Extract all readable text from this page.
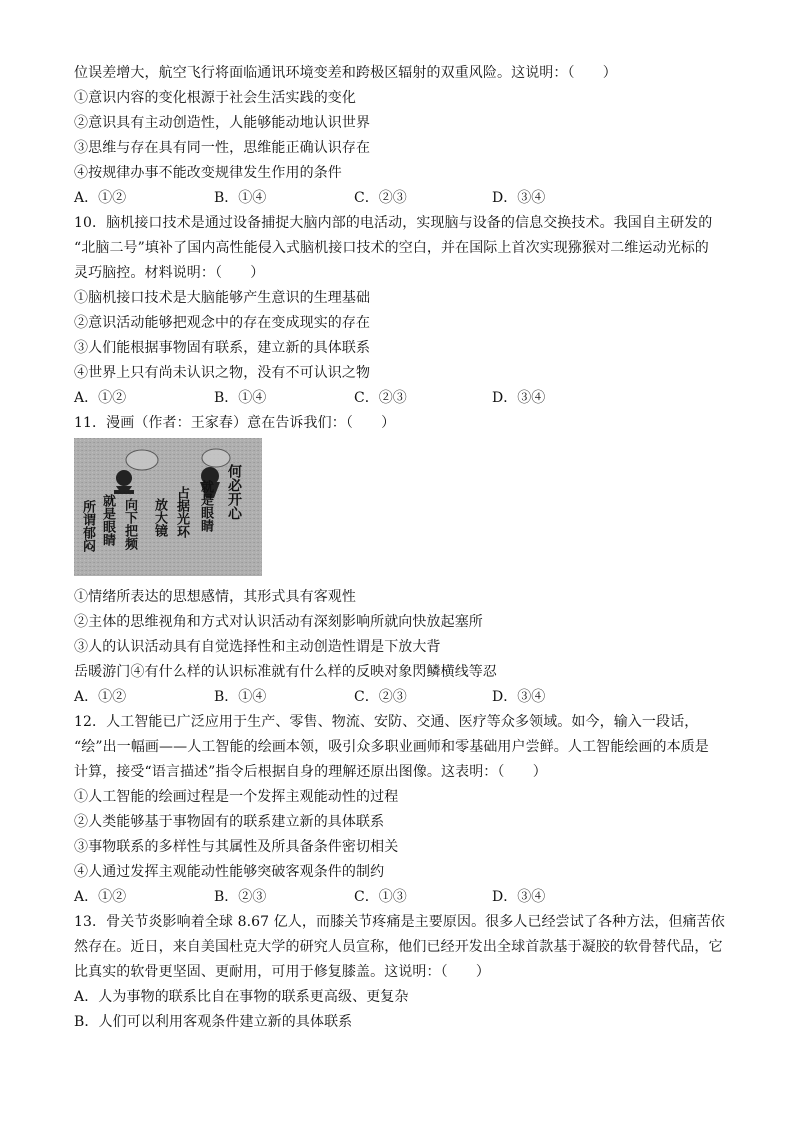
位误差增大，航空飞行将面临通讯环境变差和跨极区辐射的双重风险。这说明：（　　）
①意识内容的变化根源于社会生活实践的变化
②意识具有主动创造性，人能够能动地认识世界
③思维与存在具有同一性，思维能正确认识存在
④按规律办事不能改变规律发生作用的条件
A．①②	B．①④	C．②③	D．③④
10．脑机接口技术是通过设备捕捉大脑内部的电活动，实现脑与设备的信息交换技术。我国自主研发的
“北脑二号”填补了国内高性能侵入式脑机接口技术的空白，并在国际上首次实现猕猴对二维运动光标的
灵巧脑控。材料说明：（　　）
①脑机接口技术是大脑能够产生意识的生理基础
②意识活动能够把观念中的存在变成现实的存在
③人们能根据事物固有联系，建立新的具体联系
④世界上只有尚未认识之物，没有不可认识之物
A．①②	B．①④	C．②③	D．③④
11．漫画（作者：王家春）意在告诉我们：（　　）
所谓郁闷 就是眼睛 向下把频 放大镜 占据光环 就是眼睛 何必开心
①情绪所表达的思想感情，其形式具有客观性
②主体的思维视角和方式对认识活动有深刻影响所就向快放起塞所
③人的认识活动具有自觉选择性和主动创造性谓是下放大背
岳暖游门④有什么样的认识标准就有什么样的反映对象閃鳞横线等忍
A．①②	B．①④	C．②③	D．③④
12．人工智能已广泛应用于生产、零售、物流、安防、交通、医疗等众多领域。如今，输入一段话，
“绘”出一幅画——人工智能的绘画本领，吸引众多职业画师和零基础用户尝鲜。人工智能绘画的本质是
计算，接受“语言描述”指令后根据自身的理解还原出图像。这表明：（　　）
①人工智能的绘画过程是一个发挥主观能动性的过程
②人类能够基于事物固有的联系建立新的具体联系
③事物联系的多样性与其属性及所具备条件密切相关
④人通过发挥主观能动性能够突破客观条件的制约
A．①②	B．②③	C．①③	D．③④
13．骨关节炎影响着全球 8.67 亿人，而膝关节疼痛是主要原因。很多人已经尝试了各种方法，但痛苦依
然存在。近日，来自美国杜克大学的研究人员宣称，他们已经开发出全球首款基于凝胶的软骨替代品，它
比真实的软骨更坚固、更耐用，可用于修复膝盖。这说明：（　　）
A．人为事物的联系比自在事物的联系更高级、更复杂
B．人们可以利用客观条件建立新的具体联系
